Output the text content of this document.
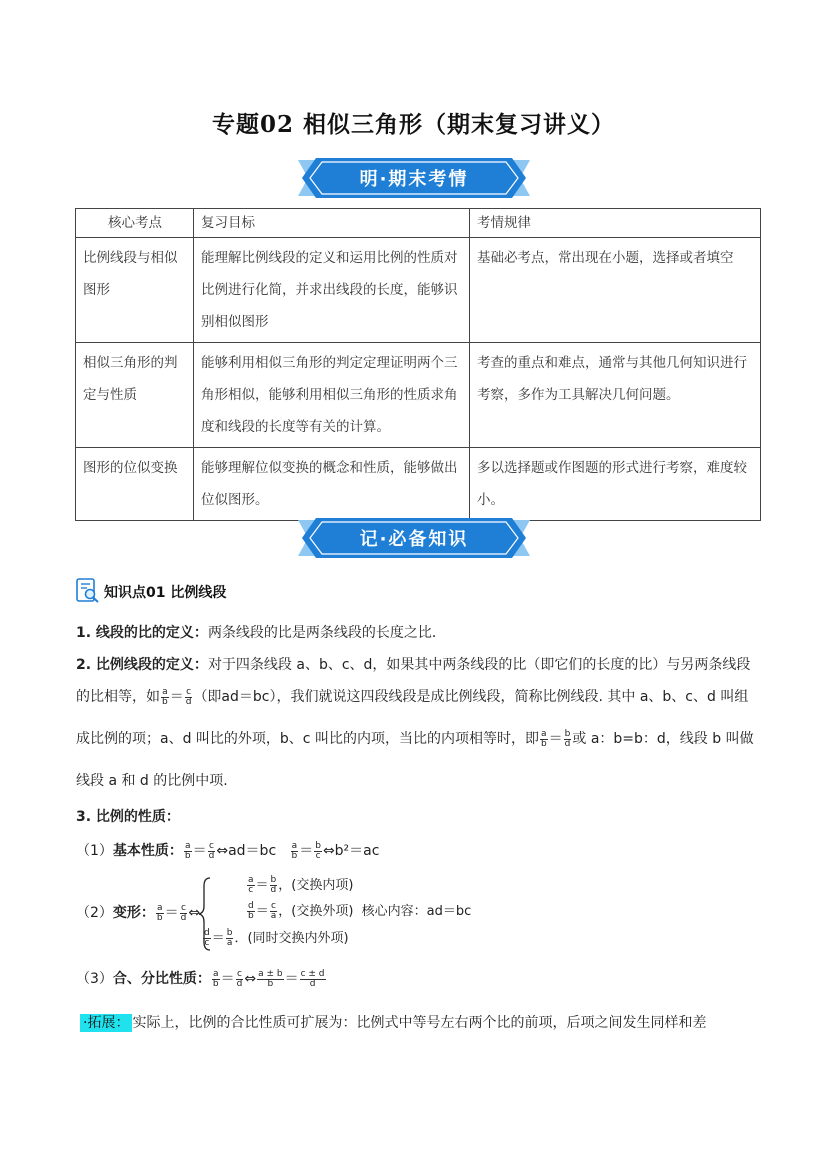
专题02 相似三角形（期末复习讲义）
明·期末考情
核心考点	复习目标	考情规律
比例线段与相似图形	能理解比例线段的定义和运用比例的性质对比例进行化简，并求出线段的长度，能够识别相似图形	基础必考点，常出现在小题，选择或者填空
相似三角形的判定与性质	能够利用相似三角形的判定定理证明两个三角形相似，能够利用相似三角形的性质求角度和线段的长度等有关的计算。	考查的重点和难点，通常与其他几何知识进行考察，多作为工具解决几何问题。
图形的位似变换	能够理解位似变换的概念和性质，能够做出位似图形。	多以选择题或作图题的形式进行考察，难度较小。
记·必备知识
知识点01 比例线段
1. 线段的比的定义：两条线段的比是两条线段的长度之比．
2. 比例线段的定义：对于四条线段 a、b、c、d，如果其中两条线段的比（即它们的长度的比）与另两条线段
的比相等，如 $\frac{a}{b} = \frac{c}{d}$ （即ad＝bc），我们就说这四段线段是成比例线段，简称比例线段. 其中 a、b、c、d 叫组
成比例的项；a、d 叫比的外项，b、c 叫比的内项，当比的内项相等时，即 $\frac{a}{b} = \frac{b}{d}$ 或 a：b=b：d，线段 b 叫做
线段 a 和 d 的比例中项.
3. 比例的性质：
（1）基本性质： $\frac{a}{b} = \frac{c}{d}$ ⇔ad＝bc $\frac{a}{b} = \frac{b}{c}$ ⇔b²＝ac
（2）变形： $\frac{a}{b} = \frac{c}{d}$ ⇔
$\frac{a}{c} = \frac{b}{d}$ ，(交换内项)
$\frac{d}{b} = \frac{c}{a}$ ，(交换外项) 核心内容：ad＝bc
$\frac{d}{c} = \frac{b}{a}$ ．(同时交换内外项)
（3）合、分比性质： $\frac{a}{b} = \frac{c}{d}$ ⇔ $\frac{a \pm b}{b} = \frac{c \pm d}{d}$
·拓展： 实际上，比例的合比性质可扩展为：比例式中等号左右两个比的前项，后项之间发生同样和差
